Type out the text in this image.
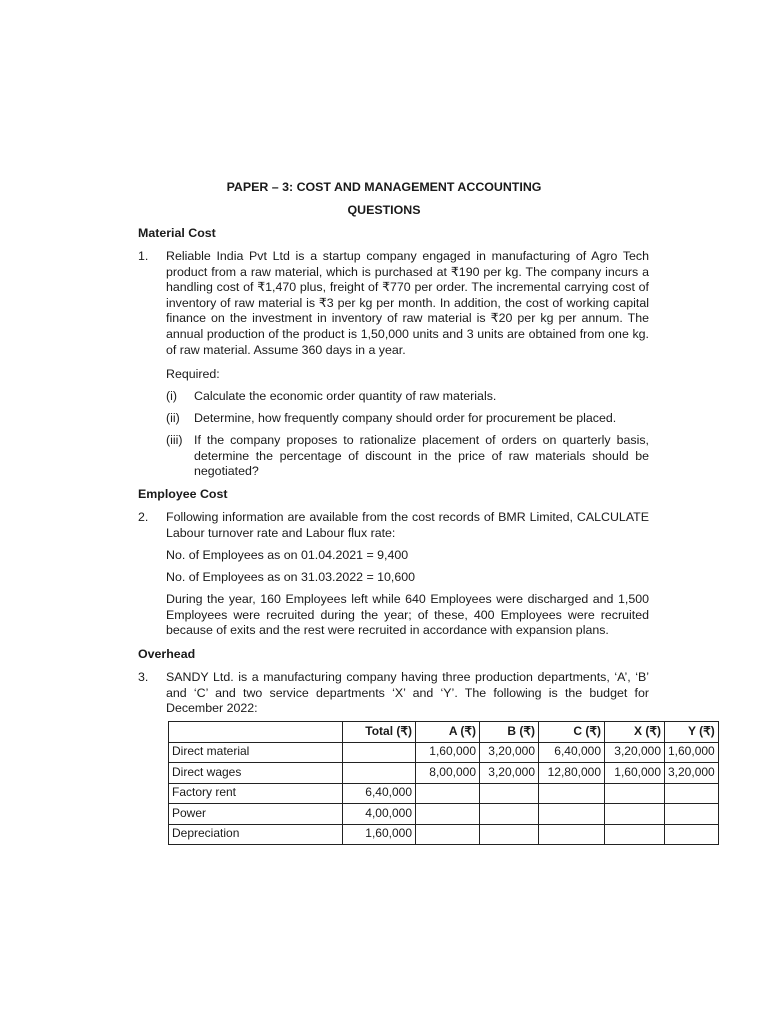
PAPER – 3: COST AND MANAGEMENT ACCOUNTING
QUESTIONS
Material Cost
1. Reliable India Pvt Ltd is a startup company engaged in manufacturing of Agro Tech product from a raw material, which is purchased at ₹190 per kg. The company incurs a handling cost of ₹1,470 plus, freight of ₹770 per order. The incremental carrying cost of inventory of raw material is ₹3 per kg per month. In addition, the cost of working capital finance on the investment in inventory of raw material is ₹20 per kg per annum. The annual production of the product is 1,50,000 units and 3 units are obtained from one kg. of raw material. Assume 360 days in a year.
Required:
(i) Calculate the economic order quantity of raw materials.
(ii) Determine, how frequently company should order for procurement be placed.
(iii) If the company proposes to rationalize placement of orders on quarterly basis, determine the percentage of discount in the price of raw materials should be negotiated?
Employee Cost
2. Following information are available from the cost records of BMR Limited, CALCULATE Labour turnover rate and Labour flux rate:
No. of Employees as on 01.04.2021 = 9,400
No. of Employees as on 31.03.2022 = 10,600
During the year, 160 Employees left while 640 Employees were discharged and 1,500 Employees were recruited during the year; of these, 400 Employees were recruited because of exits and the rest were recruited in accordance with expansion plans.
Overhead
3. SANDY Ltd. is a manufacturing company having three production departments, ‘A’, ‘B’ and ‘C’ and two service departments ‘X’ and ‘Y’. The following is the budget for December 2022:
	Total (₹)	A (₹)	B (₹)	C (₹)	X (₹)	Y (₹)
Direct material		1,60,000	3,20,000	6,40,000	3,20,000	1,60,000
Direct wages		8,00,000	3,20,000	12,80,000	1,60,000	3,20,000
Factory rent	6,40,000					
Power	4,00,000					
Depreciation	1,60,000					
